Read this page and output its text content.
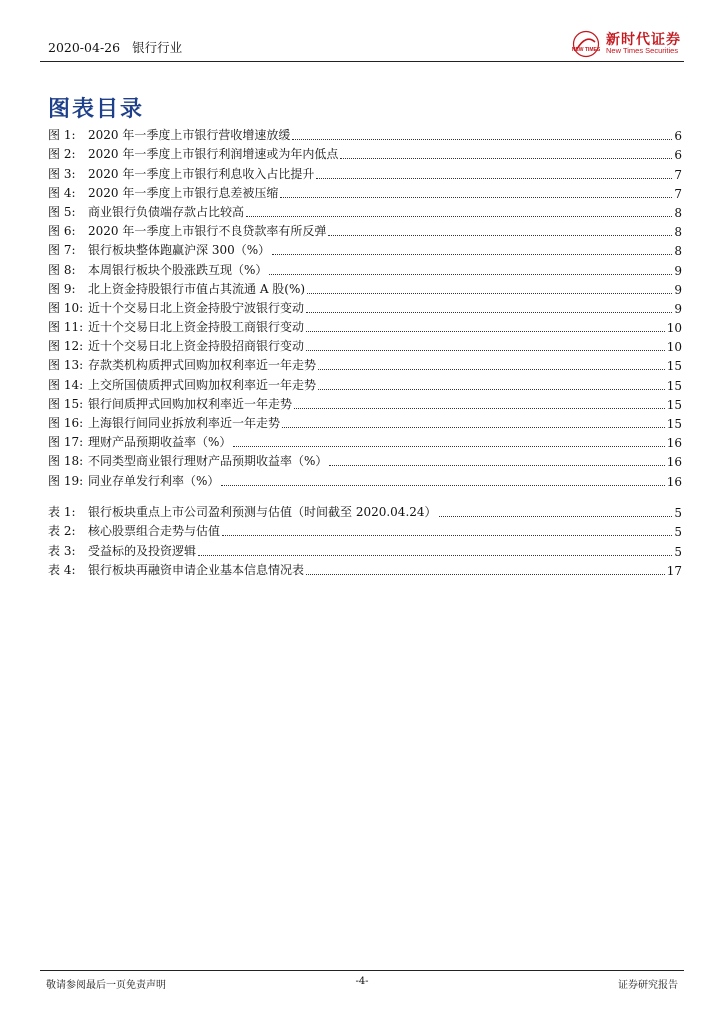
2020-04-26 银行行业	NEW TIMES
新时代证券
New Times Securities
图表目录
图 1:	2020 年一季度上市银行营收增速放缓	6
图 2:	2020 年一季度上市银行利润增速或为年内低点	6
图 3:	2020 年一季度上市银行利息收入占比提升	7
图 4:	2020 年一季度上市银行息差被压缩	7
图 5:	商业银行负债端存款占比较高	8
图 6:	2020 年一季度上市银行不良贷款率有所反弹	8
图 7:	银行板块整体跑赢沪深 300（%）	8
图 8:	本周银行板块个股涨跌互现（%）	9
图 9:	北上资金持股银行市值占其流通 A 股(%)	9
图 10: 近十个交易日北上资金持股宁波银行变动	9
图 11: 近十个交易日北上资金持股工商银行变动	10
图 12: 近十个交易日北上资金持股招商银行变动	10
图 13: 存款类机构质押式回购加权利率近一年走势	15
图 14: 上交所国债质押式回购加权利率近一年走势	15
图 15: 银行间质押式回购加权利率近一年走势	15
图 16: 上海银行间同业拆放利率近一年走势	15
图 17: 理财产品预期收益率（%）	16
图 18: 不同类型商业银行理财产品预期收益率（%）	16
图 19: 同业存单发行利率（%）	16
表 1:	银行板块重点上市公司盈利预测与估值（时间截至 2020.04.24）	5
表 2:	核心股票组合走势与估值	5
表 3:	受益标的及投资逻辑	5
表 4:	银行板块再融资申请企业基本信息情况表	17
敬请参阅最后一页免责声明	-4-	证券研究报告
